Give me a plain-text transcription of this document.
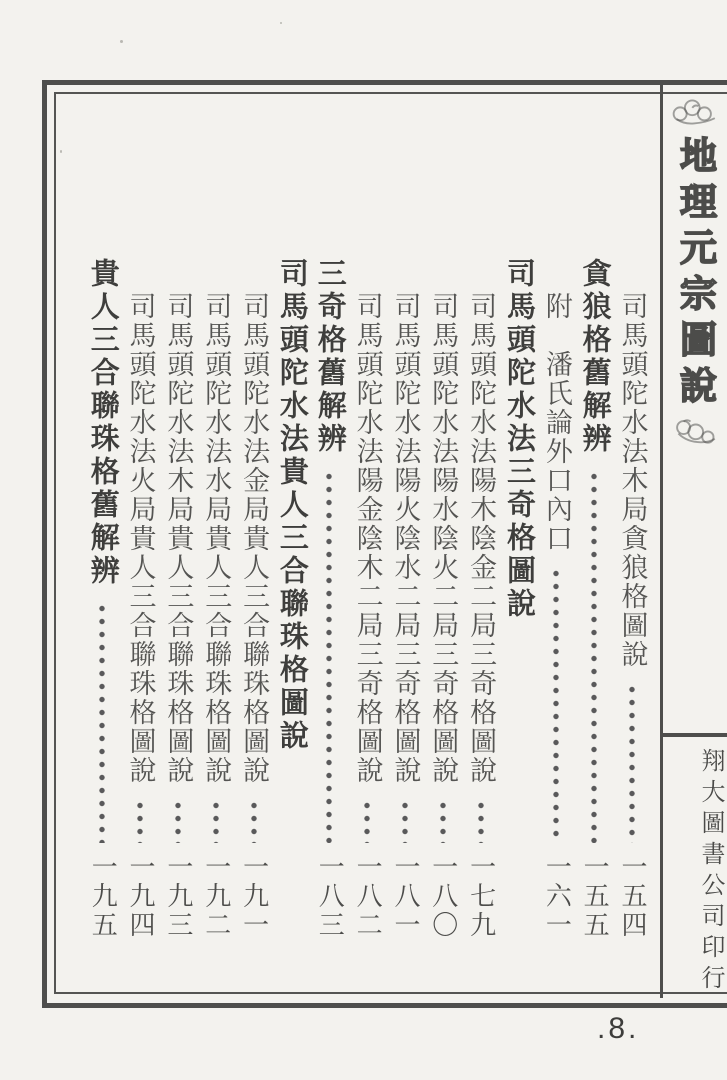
地理元宗圖說
翔大圖書公司印行
司馬頭陀水法木局貪狼格圖說
一五四
貪狼格舊解辨
一五五
附　潘氏論外口內口
一六一
司馬頭陀水法三奇格圖說
司馬頭陀水法陽木陰金二局三奇格圖說
一七九
司馬頭陀水法陽水陰火二局三奇格圖說
一八〇
司馬頭陀水法陽火陰水二局三奇格圖說
一八一
司馬頭陀水法陽金陰木二局三奇格圖說
一八二
三奇格舊解辨
一八三
司馬頭陀水法貴人三合聯珠格圖說
司馬頭陀水法金局貴人三合聯珠格圖說
一九一
司馬頭陀水法水局貴人三合聯珠格圖說
一九二
司馬頭陀水法木局貴人三合聯珠格圖說
一九三
司馬頭陀水法火局貴人三合聯珠格圖說
一九四
貴人三合聯珠格舊解辨
一九五
.8.
